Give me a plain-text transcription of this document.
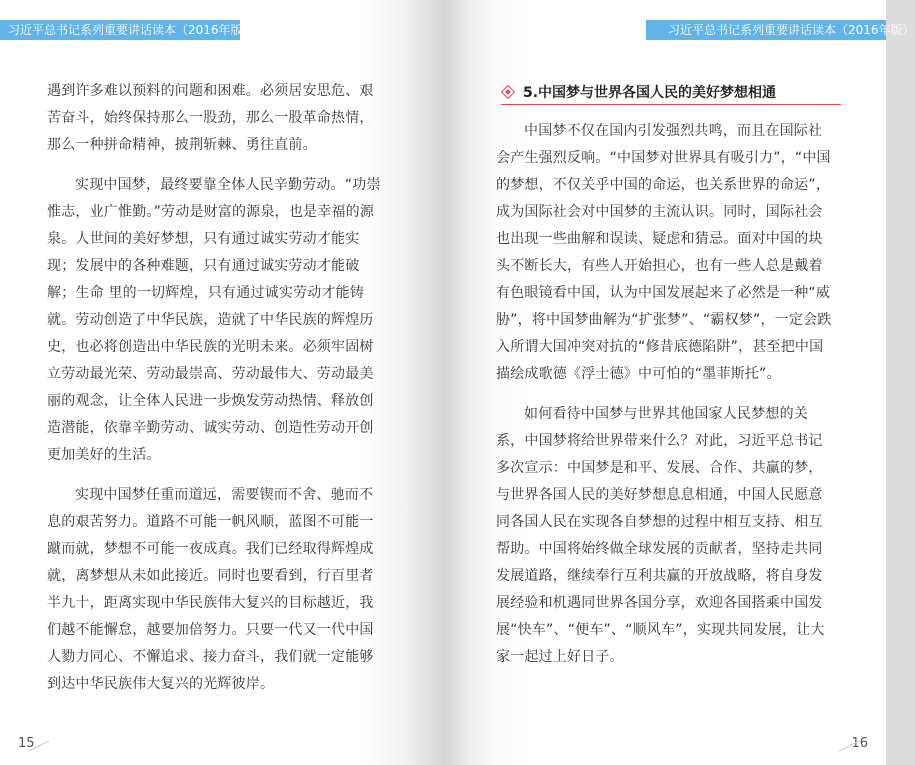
习近平总书记系列重要讲话读本（2016年版）

遇到许多难以预料的问题和困难。必须居安思危、艰苦奋斗，始终保持那么一股劲，那么一股革命热情，那么一种拼命精神，披荆斩棘、勇往直前。

实现中国梦，最终要靠全体人民辛勤劳动。“功崇惟志，业广惟勤。”劳动是财富的源泉，也是幸福的源泉。人世间的美好梦想，只有通过诚实劳动才能实现；发展中的各种难题，只有通过诚实劳动才能破解；生命 里的一切辉煌，只有通过诚实劳动才能铸就。劳动创造了中华民族，造就了中华民族的辉煌历史，也必将创造出中华民族的光明未来。必须牢固树立劳动最光荣、劳动最崇高、劳动最伟大、劳动最美丽的观念，让全体人民进一步焕发劳动热情、释放创造潜能，依靠辛勤劳动、诚实劳动、创造性劳动开创更加美好的生活。

实现中国梦任重而道远，需要锲而不舍、驰而不息的艰苦努力。道路不可能一帆风顺，蓝图不可能一蹴而就，梦想不可能一夜成真。我们已经取得辉煌成就，离梦想从未如此接近。同时也要看到，行百里者半九十，距离实现中华民族伟大复兴的目标越近，我们越不能懈怠，越要加倍努力。只要一代又一代中国人勠力同心、不懈追求、接力奋斗，我们就一定能够到达中华民族伟大复兴的光辉彼岸。

15
习近平总书记系列重要讲话读本（2016年版）
5.中国梦与世界各国人民的美好梦想相通

中国梦不仅在国内引发强烈共鸣，而且在国际社会产生强烈反响。“中国梦对世界具有吸引力”，“中国的梦想，不仅关乎中国的命运，也关系世界的命运”，成为国际社会对中国梦的主流认识。同时，国际社会也出现一些曲解和误读、疑虑和猜忌。面对中国的块头不断长大，有些人开始担心，也有一些人总是戴着有色眼镜看中国，认为中国发展起来了必然是一种“威胁”，将中国梦曲解为“扩张梦”、“霸权梦”，一定会跌入所谓大国冲突对抗的“修昔底德陷阱”，甚至把中国描绘成歌德《浮士德》中可怕的“墨菲斯托”。

如何看待中国梦与世界其他国家人民梦想的关系，中国梦将给世界带来什么？对此，习近平总书记多次宣示：中国梦是和平、发展、合作、共赢的梦，与世界各国人民的美好梦想息息相通，中国人民愿意同各国人民在实现各自梦想的过程中相互支持、相互帮助。中国将始终做全球发展的贡献者，坚持走共同发展道路，继续奉行互利共赢的开放战略，将自身发展经验和机遇同世界各国分享，欢迎各国搭乘中国发展“快车”、“便车”、“顺风车”，实现共同发展，让大家一起过上好日子。

16
